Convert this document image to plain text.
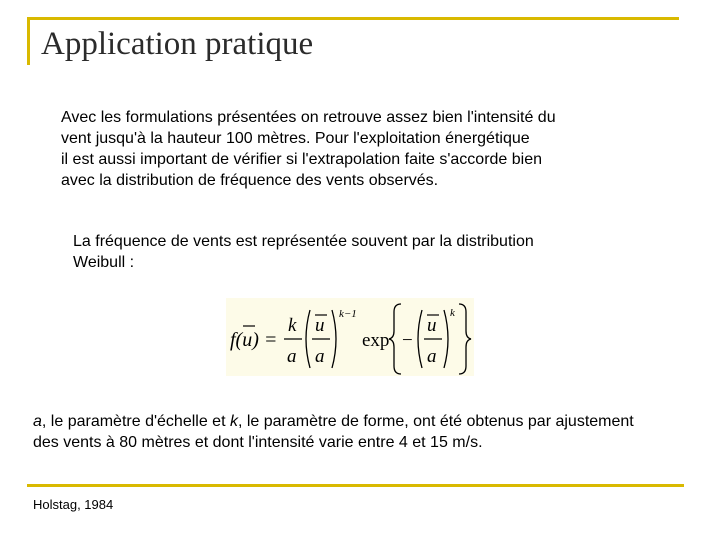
Application pratique
Avec les formulations présentées on retrouve assez bien l'intensité du
vent jusqu'à la hauteur 100 mètres. Pour l'exploitation énergétique
il est aussi important de vérifier si l'extrapolation faite s'accorde bien
avec la distribution de fréquence des vents observés.
La fréquence de vents est représentée souvent par la distribution
Weibull :
f(u) =
k
a
u
a
k−1
exp −
u
a
k
a, le paramètre d'échelle et k, le paramètre de forme, ont été obtenus par ajustement
des vents à 80 mètres et dont l'intensité varie entre 4 et 15 m/s.
Holstag, 1984
